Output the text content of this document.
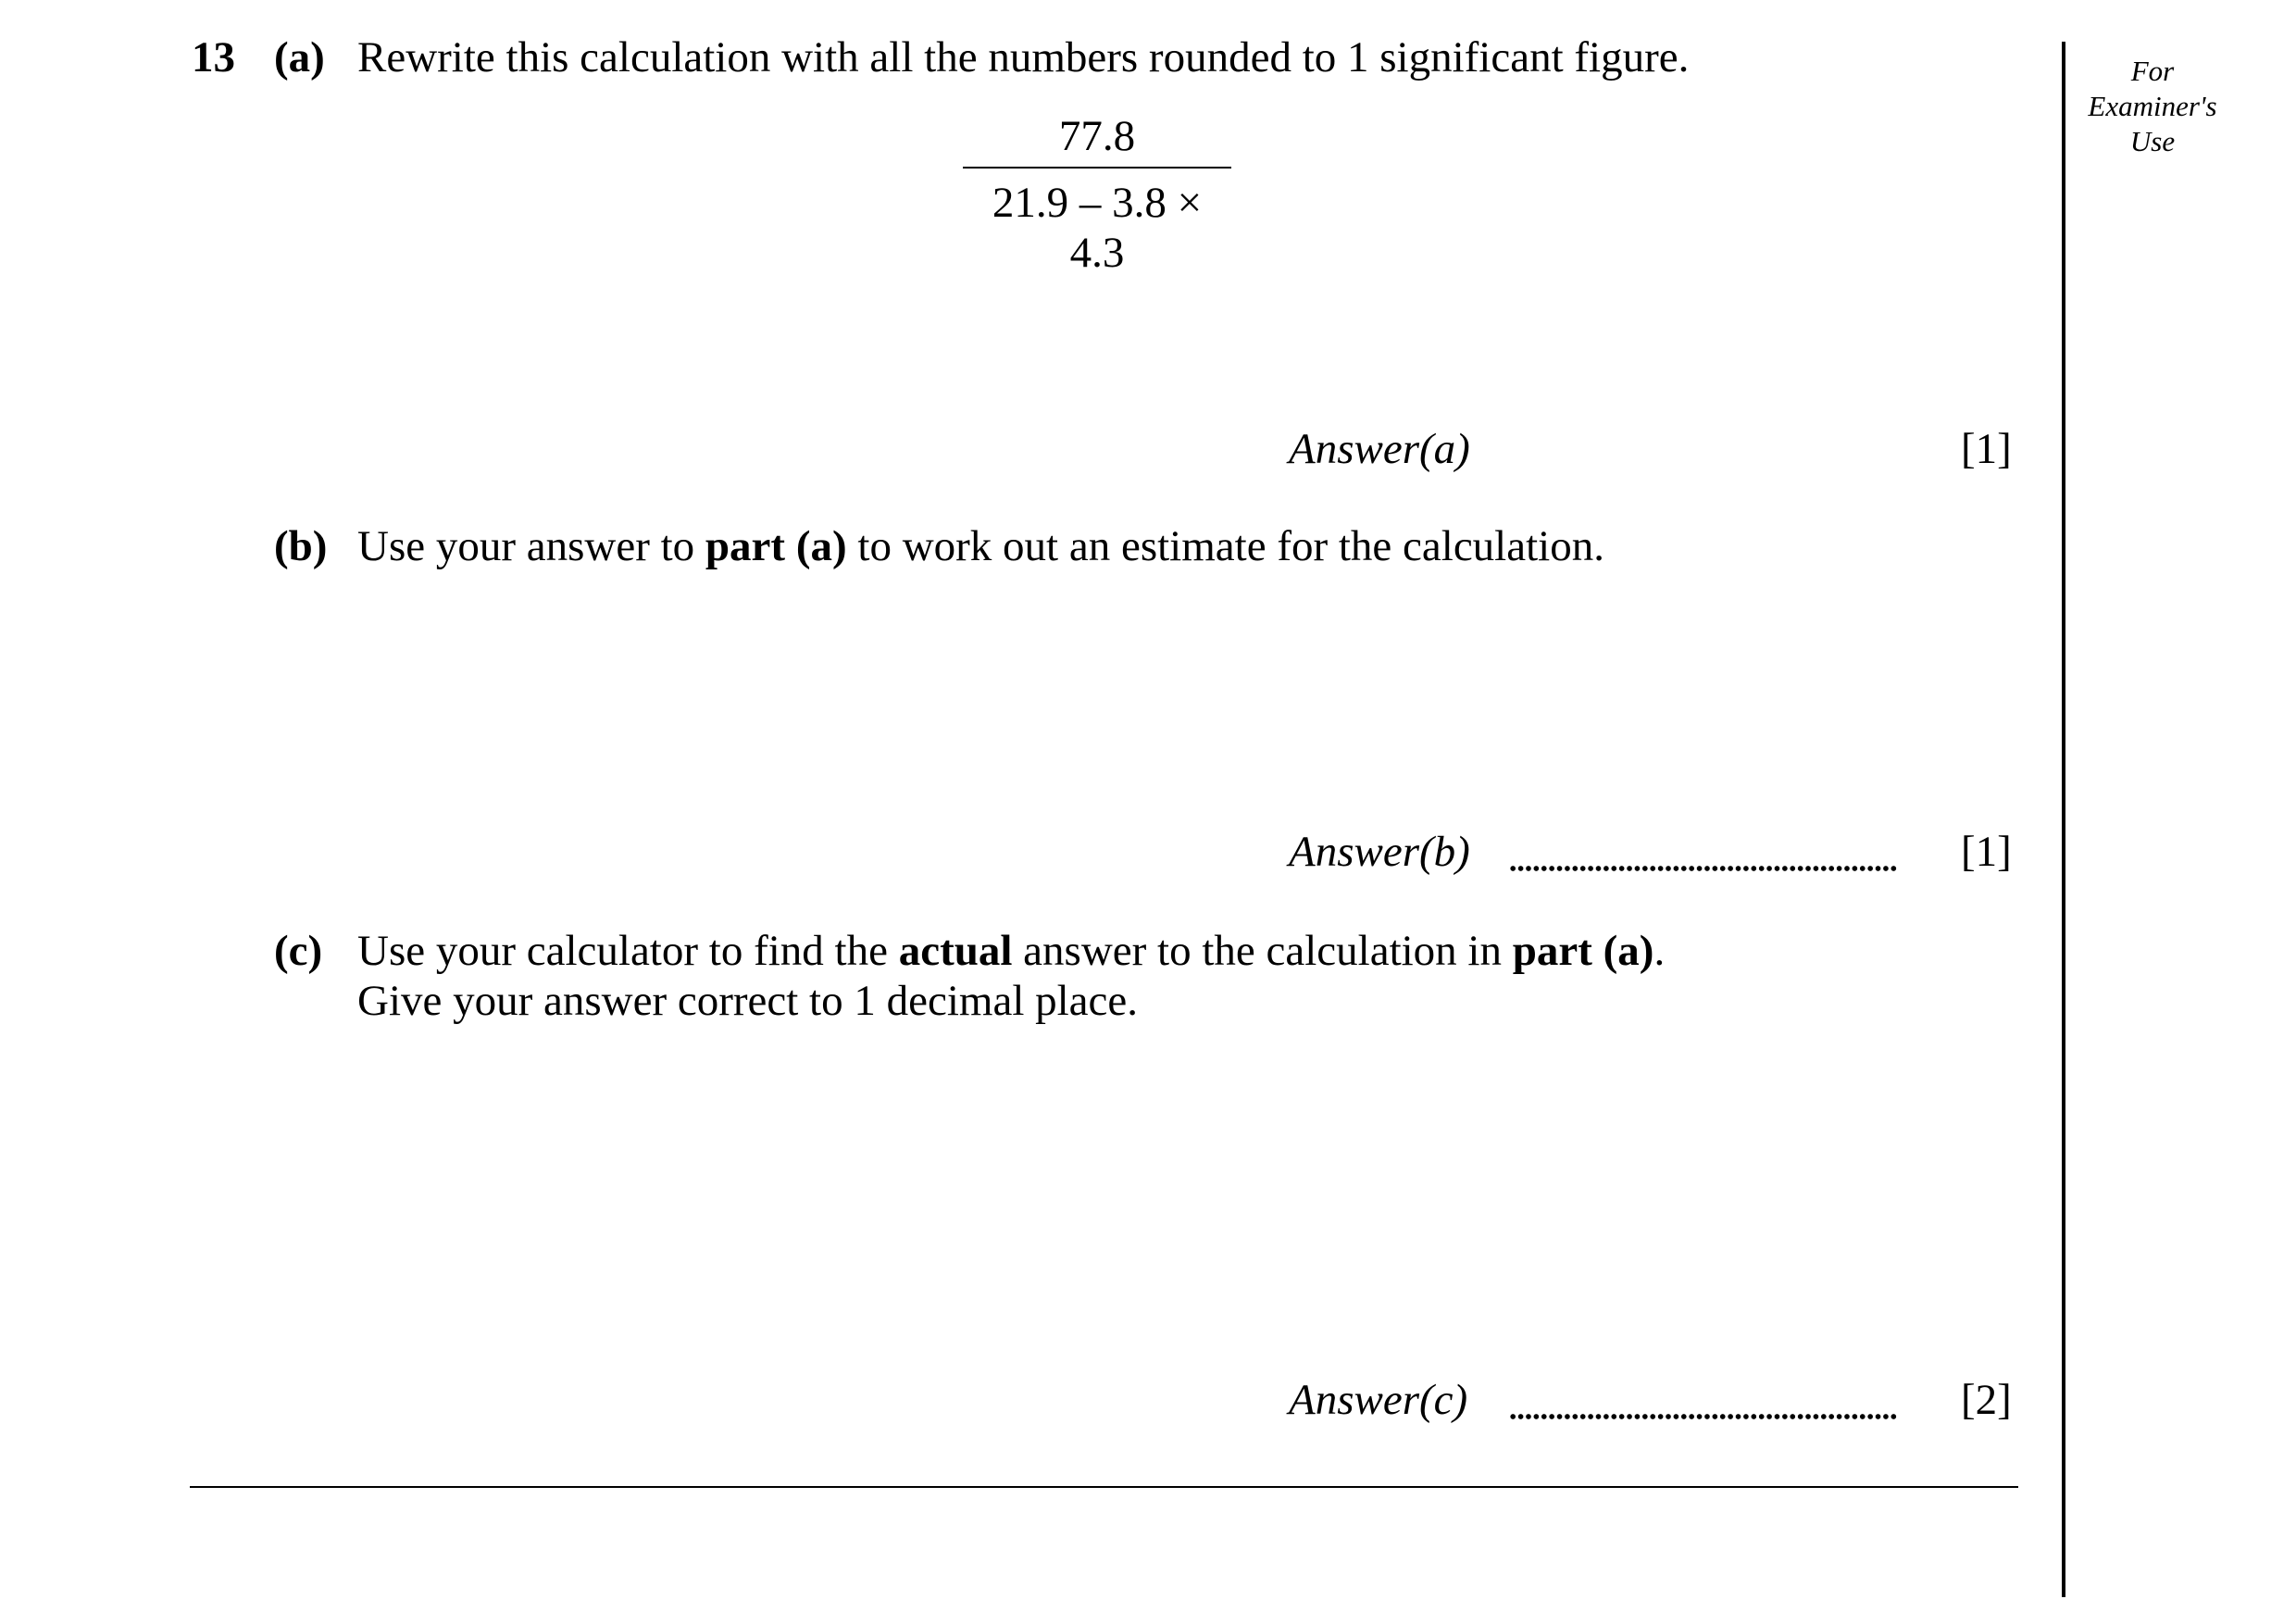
13 (a) Rewrite this calculation with all the numbers rounded to 1 significant figure.
77.8
21.9 – 3.8 × 4.3
Answer(a)	[1]
(b) Use your answer to part (a) to work out an estimate for the calculation.
Answer(b)	[1]
(c) Use your calculator to find the actual answer to the calculation in part (a).
Give your answer correct to 1 decimal place.
Answer(c)	[2]
For
Examiner's
Use
